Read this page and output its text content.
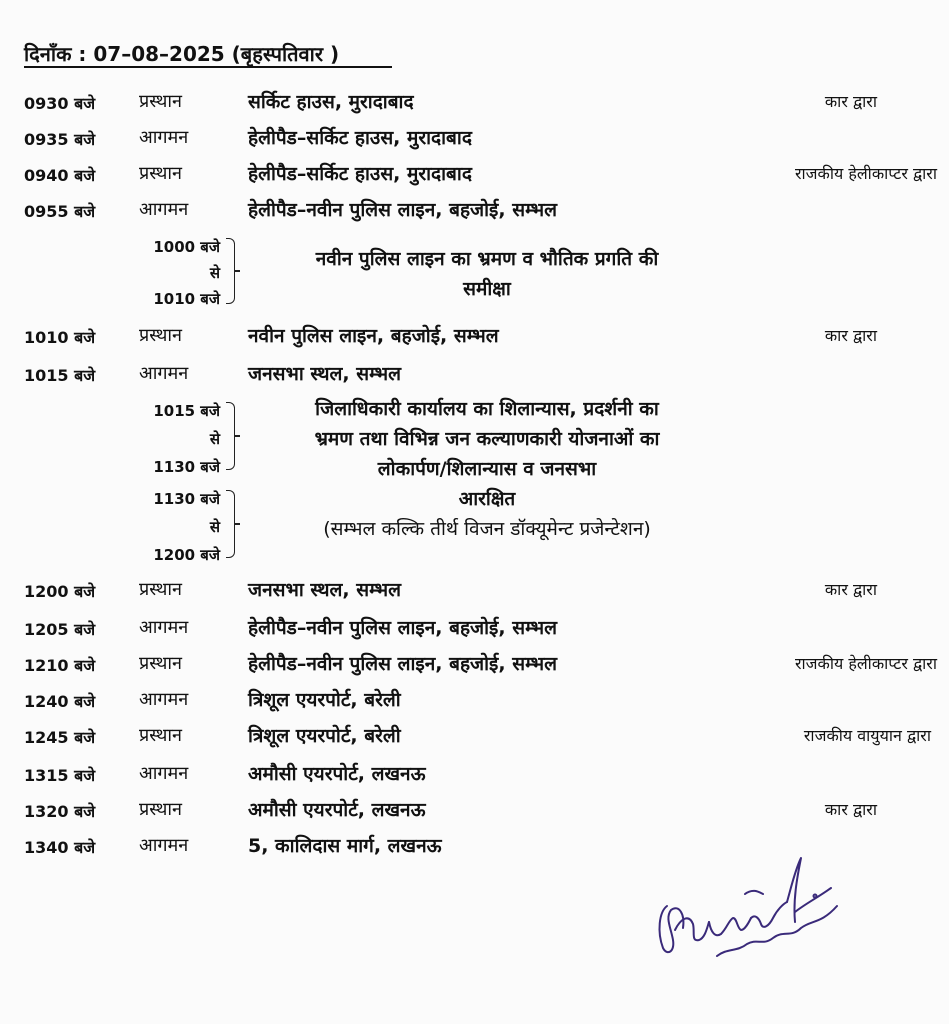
दिनाँक : 07–08–2025 (बृहस्पतिवार )
0930 बजे प्रस्थान	सर्किट हाउस, मुरादाबाद	कार द्वारा
0935 बजे आगमन	हेलीपैड–सर्किट हाउस, मुरादाबाद
0940 बजे प्रस्थान	हेलीपैड–सर्किट हाउस, मुरादाबाद	राजकीय हेलीकाप्टर द्वारा
0955 बजे आगमन	हेलीपैड–नवीन पुलिस लाइन, बहजोई, सम्भल
1000 बजे
से
1010 बजे
नवीन पुलिस लाइन का भ्रमण व भौतिक प्रगति की
समीक्षा
1010 बजे प्रस्थान	नवीन पुलिस लाइन, बहजोई, सम्भल	कार द्वारा
1015 बजे आगमन	जनसभा स्थल, सम्भल
1015 बजे
से
1130 बजे
जिलाधिकारी कार्यालय का शिलान्यास, प्रदर्शनी का
भ्रमण तथा विभिन्न जन कल्याणकारी योजनाओं का
लोकार्पण/शिलान्यास व जनसभा
1130 बजे
से
1200 बजे
आरक्षित
(सम्भल कल्कि तीर्थ विजन डॉक्यूमेन्ट प्रजेन्टेशन)
1200 बजे प्रस्थान	जनसभा स्थल, सम्भल	कार द्वारा
1205 बजे आगमन	हेलीपैड–नवीन पुलिस लाइन, बहजोई, सम्भल
1210 बजे प्रस्थान	हेलीपैड–नवीन पुलिस लाइन, बहजोई, सम्भल	राजकीय हेलीकाप्टर द्वारा
1240 बजे आगमन	त्रिशूल एयरपोर्ट, बरेली
1245 बजे प्रस्थान	त्रिशूल एयरपोर्ट, बरेली	राजकीय वायुयान द्वारा
1315 बजे आगमन	अमौसी एयरपोर्ट, लखनऊ
1320 बजे प्रस्थान	अमौसी एयरपोर्ट, लखनऊ	कार द्वारा
1340 बजे आगमन	5, कालिदास मार्ग, लखनऊ
